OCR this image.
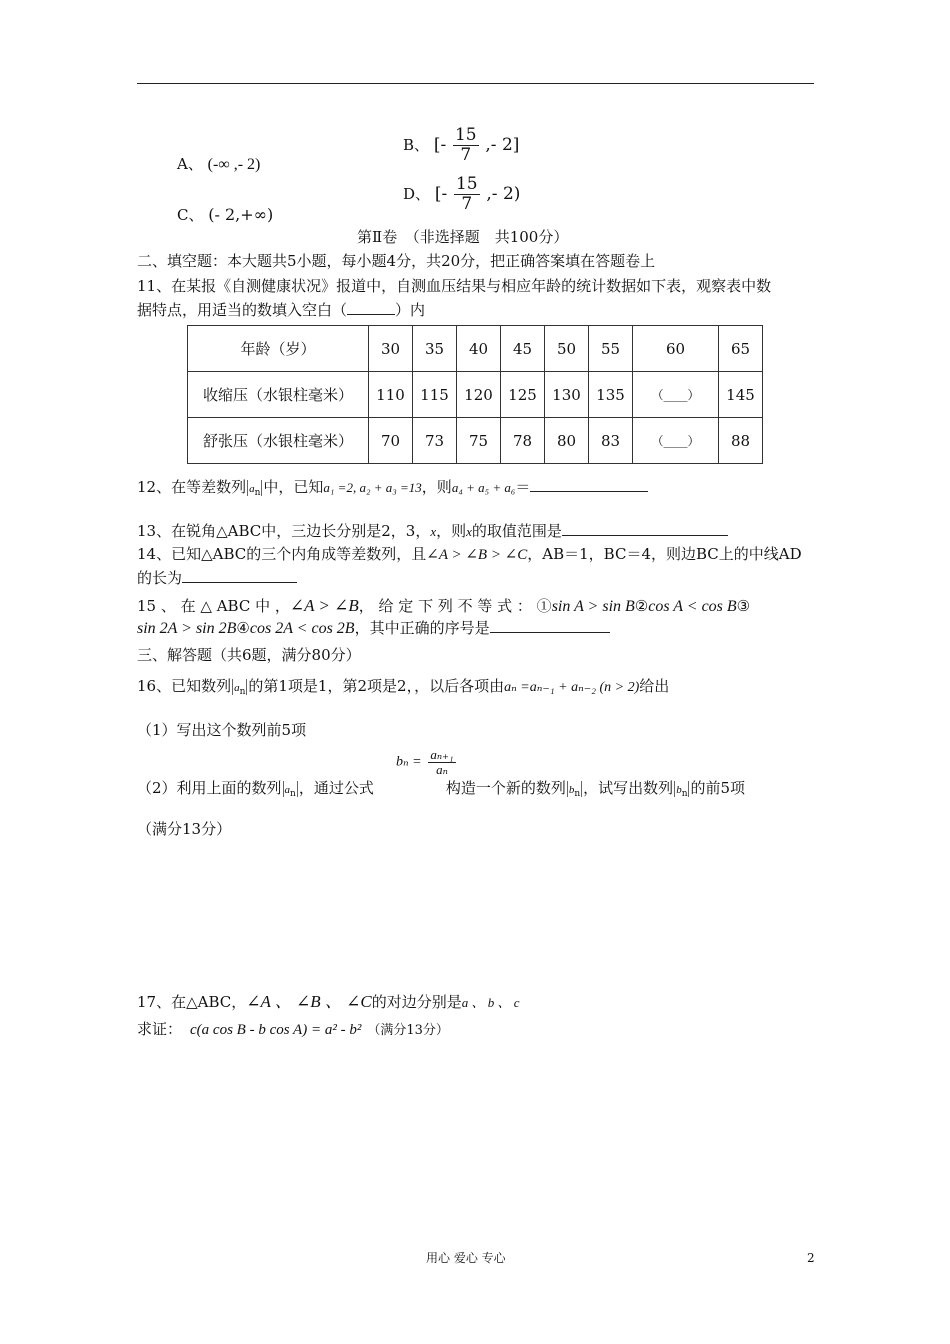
A、 (-∞ ,- 2)
B、 [- $\frac{15}{7}$ ,- 2]
C、 (- 2,+∞)
D、 [- $\frac{15}{7}$ ,- 2)
第Ⅱ卷　（非选择题　共100分）
二、填空题：本大题共5小题，每小题4分，共20分，把正确答案填在答题卷上
11、在某报《自测健康状况》报道中，自测血压结果与相应年龄的统计数据如下表，观察表中数
据特点，用适当的数填入空白（	）内
年龄（岁）	30	35	40	45	50	55	60	65
收缩压（水银柱毫米）	110	115	120	125	130	135	（____）	145
舒张压（水银柱毫米）	70	73	75	78	80	83	（____）	88
12、在等差数列 $a_n$ 中，已知a₁ =2, a₂ + a₃ =13，则a₄ + a₅ + a₆＝
13、在锐角△ABC中，三边长分别是2，3，x，则x的取值范围是
14、已知△ABC的三个内角成等差数列，且∠A > ∠B > ∠C，AB＝1，BC＝4，则边BC上的中线AD
的长为
15 、 在 △ ABC 中 ，∠A > ∠B， 给 定 下 列 不 等 式 ： ①sin A > sin B②cos A < cos B③
sin 2A > sin 2B④cos 2A < cos 2B，其中正确的序号是
三、解答题（共6题，满分80分）
16、已知数列 $a_n$ 的第1项是1，第2项是2，，以后各项由aₙ =aₙ₋₁ + aₙ₋₂ (n > 2)给出
（1）写出这个数列前5项
$b_n = \frac{\text{aₙ₊₁}}{\text{aₙ}}$
（2）利用上面的数列 $a_n$ ，通过公式	构造一个新的数列 $b_n$ ，试写出数列 $b_n$ 的前5项
（满分13分）
17、在△ABC，∠A 、 ∠B 、 ∠C的对边分别是a 、 b 、 c
求证： c(a cos B - b cos A) = a² - b² （满分13分）
用心 爱心 专心	2
